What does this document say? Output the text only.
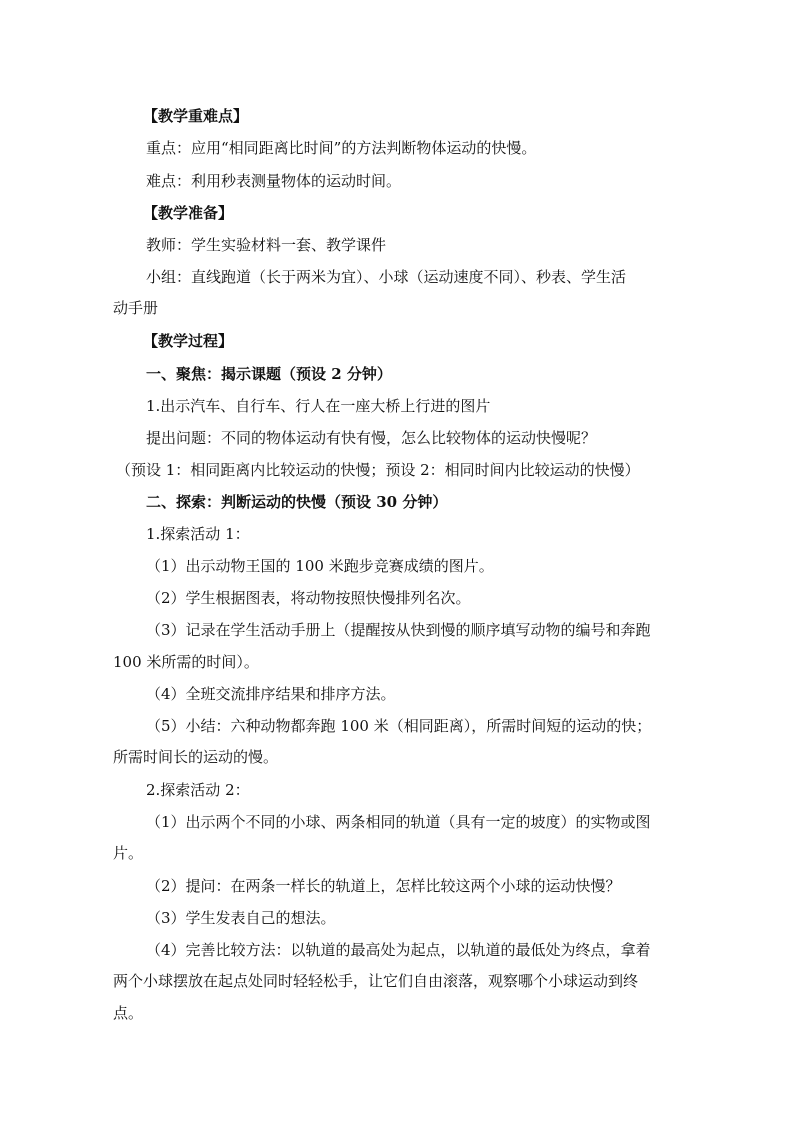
【教学重难点】
重点：应用“相同距离比时间”的方法判断物体运动的快慢。
难点：利用秒表测量物体的运动时间。
【教学准备】
教师：学生实验材料一套、教学课件
小组：直线跑道（长于两米为宜）、小球（运动速度不同）、秒表、学生活
动手册
【教学过程】
一、聚焦：揭示课题（预设 2 分钟）
1.出示汽车、自行车、行人在一座大桥上行进的图片
提出问题：不同的物体运动有快有慢，怎么比较物体的运动快慢呢？
（预设 1：相同距离内比较运动的快慢；预设 2：相同时间内比较运动的快慢）
二、探索：判断运动的快慢（预设 30 分钟）
1.探索活动 1：
（1）出示动物王国的 100 米跑步竞赛成绩的图片。
（2）学生根据图表，将动物按照快慢排列名次。
（3）记录在学生活动手册上（提醒按从快到慢的顺序填写动物的编号和奔跑
100 米所需的时间）。
（4）全班交流排序结果和排序方法。
（5）小结：六种动物都奔跑 100 米（相同距离），所需时间短的运动的快；
所需时间长的运动的慢。
2.探索活动 2：
（1）出示两个不同的小球、两条相同的轨道（具有一定的坡度）的实物或图
片。
（2）提问：在两条一样长的轨道上，怎样比较这两个小球的运动快慢？
（3）学生发表自己的想法。
（4）完善比较方法：以轨道的最高处为起点，以轨道的最低处为终点，拿着
两个小球摆放在起点处同时轻轻松手，让它们自由滚落，观察哪个小球运动到终
点。
